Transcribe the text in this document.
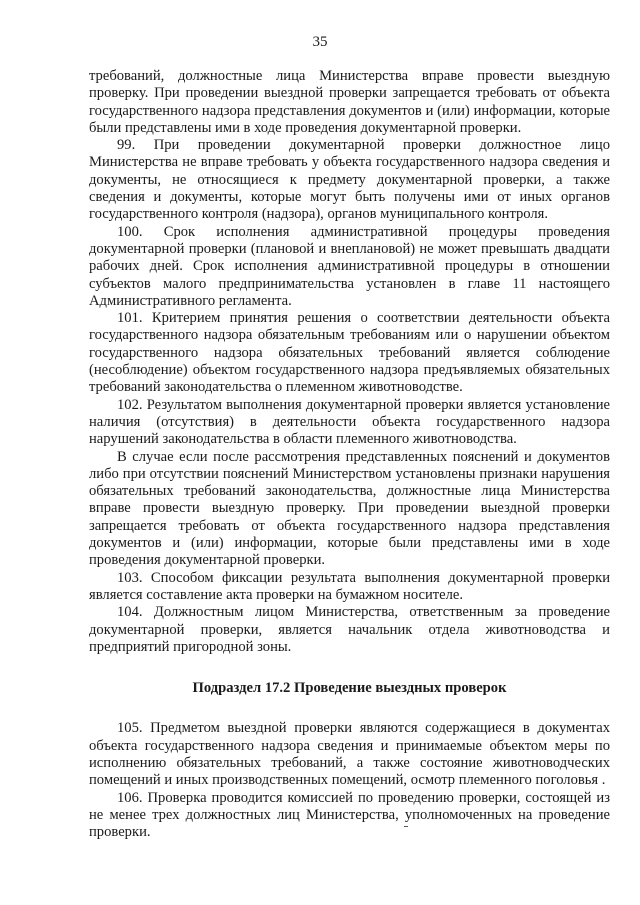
35

требований, должностные лица Министерства вправе провести выездную проверку. При проведении выездной проверки запрещается требовать от объекта государственного надзора представления документов и (или) информации, которые были представлены ими в ходе проведения документарной проверки.

99. При проведении документарной проверки должностное лицо Министерства не вправе требовать у объекта государственного надзора сведения и документы, не относящиеся к предмету документарной проверки, а также сведения и документы, которые могут быть получены ими от иных органов государственного контроля (надзора), органов муниципального контроля.

100. Срок исполнения административной процедуры проведения документарной проверки (плановой и внеплановой) не может превышать двадцати рабочих дней. Срок исполнения административной процедуры в отношении субъектов малого предпринимательства установлен в главе 11 настоящего Административного регламента.

101. Критерием принятия решения о соответствии деятельности объекта государственного надзора обязательным требованиям или о нарушении объектом государственного надзора обязательных требований является соблюдение (несоблюдение) объектом государственного надзора предъявляемых обязательных требований законодательства о племенном животноводстве.

102. Результатом выполнения документарной проверки является установление наличия (отсутствия) в деятельности объекта государственного надзора нарушений законодательства в области племенного животноводства.

В случае если после рассмотрения представленных пояснений и документов либо при отсутствии пояснений Министерством установлены признаки нарушения обязательных требований законодательства, должностные лица Министерства вправе провести выездную проверку. При проведении выездной проверки запрещается требовать от объекта государственного надзора представления документов и (или) информации, которые были представлены ими в ходе проведения документарной проверки.

103. Способом фиксации результата выполнения документарной проверки является составление акта проверки на бумажном носителе.

104. Должностным лицом Министерства, ответственным за проведение документарной проверки, является начальник отдела животноводства и предприятий пригородной зоны.

Подраздел 17.2 Проведение выездных проверок

105. Предметом выездной проверки являются содержащиеся в документах объекта государственного надзора сведения и принимаемые объектом меры по исполнению обязательных требований, а также состояние животноводческих помещений и иных производственных помещений, осмотр племенного поголовья .

106. Проверка проводится комиссией по проведению проверки, состоящей из не менее трех должностных лиц Министерства, уполномоченных на проведение проверки.
